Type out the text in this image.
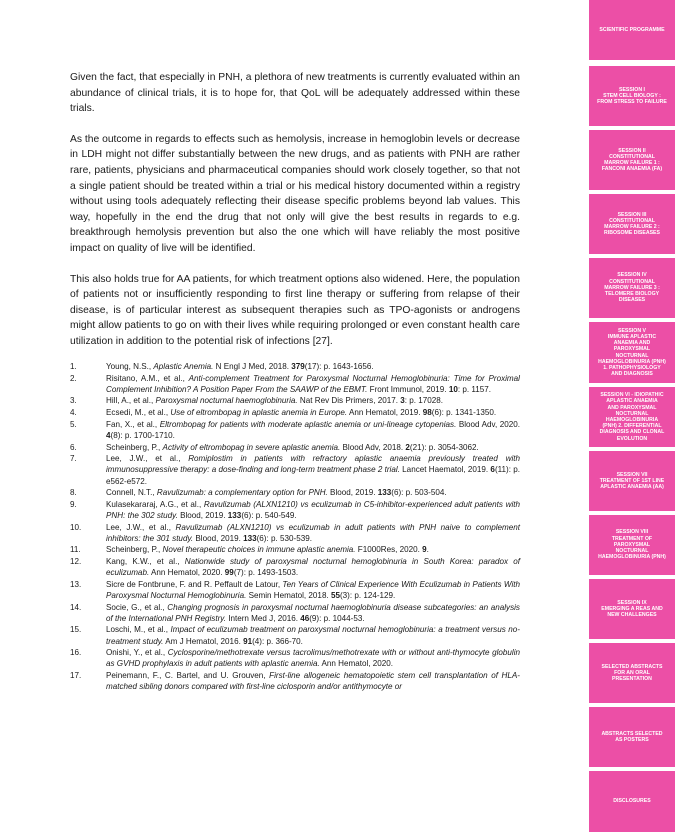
Given the fact, that especially in PNH, a plethora of new treatments is currently evaluated within an abundance of clinical trials, it is to hope for, that QoL will be adequately addressed within these trials.

As the outcome in regards to effects such as hemolysis, increase in hemoglobin levels or decrease in LDH might not differ substantially between the new drugs, and as patients with PNH are rather rare, patients, physicians and pharmaceutical companies should work closely together, so that not a single patient should be treated within a trial or his medical history documented within a registry without using tools adequately reflecting their disease specific problems beyond lab values. This way, hopefully in the end the drug that not only will give the best results in regards to e.g. breakthrough hemolysis prevention but also the one which will have reliably the most positive impact on quality of live will be identified.

This also holds true for AA patients, for which treatment options also widened. Here, the population of patients not or insufficiently responding to first line therapy or suffering from relapse of their disease, is of particular interest as subsequent therapies such as TPO-agonists or androgens might allow patients to go on with their lives while requiring prolonged or even constant health care utilization in addition to the potential risk of infections [27].

1.	Young, N.S., Aplastic Anemia. N Engl J Med, 2018. 379(17): p. 1643-1656.
2.	Risitano, A.M., et al., Anti-complement Treatment for Paroxysmal Nocturnal Hemoglobinuria: Time for Proximal Complement Inhibition? A Position Paper From the SAAWP of the EBMT. Front Immunol, 2019. 10: p. 1157.
3.	Hill, A., et al., Paroxysmal nocturnal haemoglobinuria. Nat Rev Dis Primers, 2017. 3: p. 17028.
4.	Ecsedi, M., et al., Use of eltrombopag in aplastic anemia in Europe. Ann Hematol, 2019. 98(6): p. 1341-1350.
5.	Fan, X., et al., Eltrombopag for patients with moderate aplastic anemia or uni-lineage cytopenias. Blood Adv, 2020. 4(8): p. 1700-1710.
6.	Scheinberg, P., Activity of eltrombopag in severe aplastic anemia. Blood Adv, 2018. 2(21): p. 3054-3062.
7.	Lee, J.W., et al., Romiplostim in patients with refractory aplastic anaemia previously treated with immunosuppressive therapy: a dose-finding and long-term treatment phase 2 trial. Lancet Haematol, 2019. 6(11): p. e562-e572.
8.	Connell, N.T., Ravulizumab: a complementary option for PNH. Blood, 2019. 133(6): p. 503-504.
9.	Kulasekararaj, A.G., et al., Ravulizumab (ALXN1210) vs eculizumab in C5-inhibitor-experienced adult patients with PNH: the 302 study. Blood, 2019. 133(6): p. 540-549.
10.	Lee, J.W., et al., Ravulizumab (ALXN1210) vs eculizumab in adult patients with PNH naive to complement inhibitors: the 301 study. Blood, 2019. 133(6): p. 530-539.
11.	Scheinberg, P., Novel therapeutic choices in immune aplastic anemia. F1000Res, 2020. 9.
12.	Kang, K.W., et al., Nationwide study of paroxysmal nocturnal hemoglobinuria in South Korea: paradox of eculizumab. Ann Hematol, 2020. 99(7): p. 1493-1503.
13.	Sicre de Fontbrune, F. and R. Peffault de Latour, Ten Years of Clinical Experience With Eculizumab in Patients With Paroxysmal Nocturnal Hemoglobinuria. Semin Hematol, 2018. 55(3): p. 124-129.
14.	Socie, G., et al., Changing prognosis in paroxysmal nocturnal haemoglobinuria disease subcategories: an analysis of the International PNH Registry. Intern Med J, 2016. 46(9): p. 1044-53.
15.	Loschi, M., et al., Impact of eculizumab treatment on paroxysmal nocturnal hemoglobinuria: a treatment versus no-treatment study. Am J Hematol, 2016. 91(4): p. 366-70.
16.	Onishi, Y., et al., Cyclosporine/methotrexate versus tacrolimus/methotrexate with or without anti-thymocyte globulin as GVHD prophylaxis in adult patients with aplastic anemia. Ann Hematol, 2020.
17.	Peinemann, F., C. Bartel, and U. Grouven, First-line allogeneic hematopoietic stem cell transplantation of HLA-matched sibling donors compared with first-line ciclosporin and/or antithymocyte or
SCIENTIFIC PROGRAMME
SESSION I
STEM CELL BIOLOGY :
FROM STRESS TO FAILURE
SESSION II
CONSTITUTIONAL
MARROW FAILURE 1 :
FANCONI ANAEMIA (FA)
SESSION III
CONSTITUTIONAL
MARROW FAILURE 2 :
RIBOSOME DISEASES
SESSION IV
CONSTITUTIONAL
MARROW FAILURE 3 :
TELOMERE BIOLOGY
DISEASES
SESSION V
IMMUNE APLASTIC
ANAEMIA AND
PAROXYSMAL
NOCTURNAL
HAEMOGLOBINURIA (PNH)
1. PATHOPHYSIOLOGY
AND DIAGNOSIS
SESSION VI - IDIOPATHIC
APLASTIC ANAEMIA
AND PAROXYSMAL
NOCTURNAL
HAEMOGLOBINURIA
(PNH) 2. DIFFERENTIAL
DIAGNOSIS AND CLONAL
EVOLUTION
SESSION VII
TREATMENT OF 1ST LINE
APLASTIC ANAEMIA (AA)
SESSION VIII
TREATMENT OF
PAROXYSMAL
NOCTURNAL
HAEMOGLOBINURIA (PNH)
SESSION IX
EMERGING A REAS AND
NEW CHALLENGES
SELECTED ABSTRACTS
FOR AN ORAL
PRESENTATION
ABSTRACTS SELECTED
AS POSTERS
DISCLOSURES
